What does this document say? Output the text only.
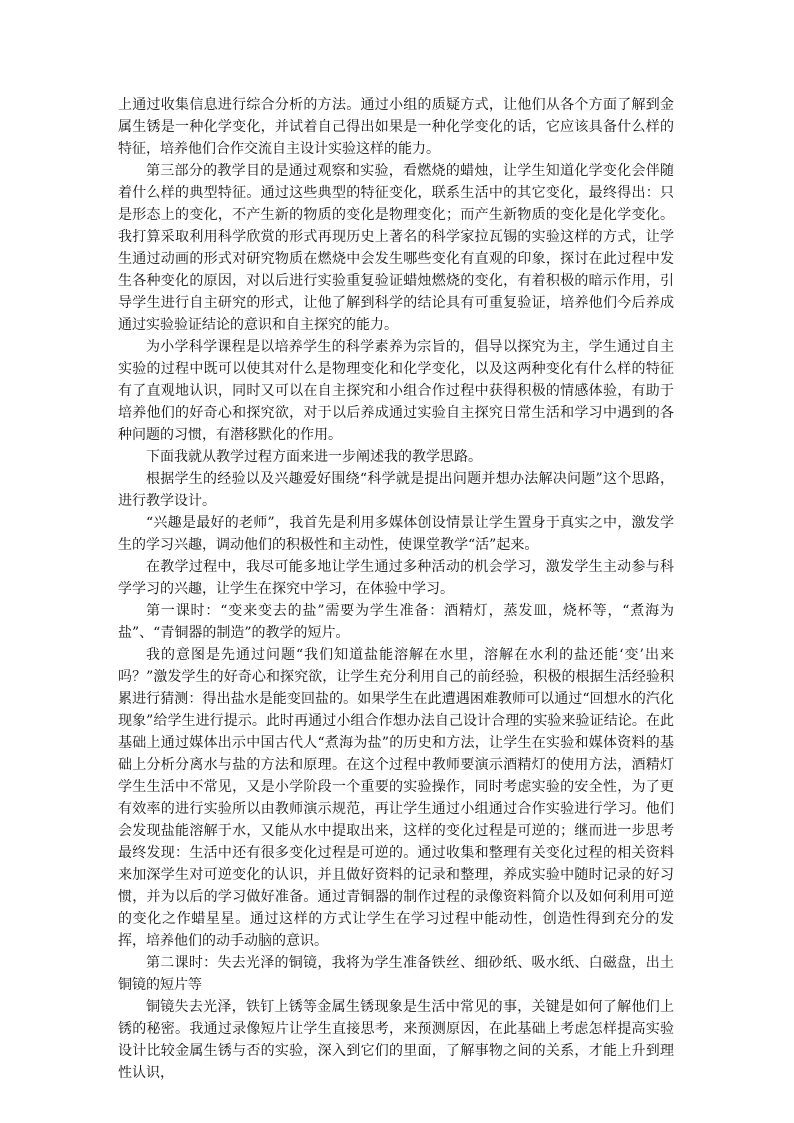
上通过收集信息进行综合分析的方法。通过小组的质疑方式，让他们从各个方面了解到金属生锈是一种化学变化，并试着自己得出如果是一种化学变化的话，它应该具备什么样的特征，培养他们合作交流自主设计实验这样的能力。

第三部分的教学目的是通过观察和实验，看燃烧的蜡烛，让学生知道化学变化会伴随着什么样的典型特征。通过这些典型的特征变化，联系生活中的其它变化，最终得出：只是形态上的变化，不产生新的物质的变化是物理变化；而产生新物质的变化是化学变化。我打算采取利用科学欣赏的形式再现历史上著名的科学家拉瓦锡的实验这样的方式，让学生通过动画的形式对研究物质在燃烧中会发生哪些变化有直观的印象，探讨在此过程中发生各种变化的原因，对以后进行实验重复验证蜡烛燃烧的变化，有着积极的暗示作用，引导学生进行自主研究的形式，让他了解到科学的结论具有可重复验证，培养他们今后养成通过实验验证结论的意识和自主探究的能力。

为小学科学课程是以培养学生的科学素养为宗旨的，倡导以探究为主，学生通过自主实验的过程中既可以使其对什么是物理变化和化学变化，以及这两种变化有什么样的特征有了直观地认识，同时又可以在自主探究和小组合作过程中获得积极的情感体验，有助于培养他们的好奇心和探究欲，对于以后养成通过实验自主探究日常生活和学习中遇到的各种问题的习惯，有潜移默化的作用。

下面我就从教学过程方面来进一步阐述我的教学思路。

根据学生的经验以及兴趣爱好围绕“科学就是提出问题并想办法解决问题”这个思路，进行教学设计。

“兴趣是最好的老师”，我首先是利用多媒体创设情景让学生置身于真实之中，激发学生的学习兴趣，调动他们的积极性和主动性，使课堂教学“活”起来。

在教学过程中，我尽可能多地让学生通过多种活动的机会学习，激发学生主动参与科学学习的兴趣，让学生在探究中学习，在体验中学习。

第一课时：“变来变去的盐”需要为学生准备：酒精灯，蒸发皿，烧杯等，“煮海为盐”、“青铜器的制造”的教学的短片。

我的意图是先通过问题“我们知道盐能溶解在水里，溶解在水利的盐还能‘变’出来吗？”激发学生的好奇心和探究欲，让学生充分利用自己的前经验，积极的根据生活经验积累进行猜测：得出盐水是能变回盐的。如果学生在此遭遇困难教师可以通过“回想水的汽化现象”给学生进行提示。此时再通过小组合作想办法自己设计合理的实验来验证结论。在此基础上通过媒体出示中国古代人“煮海为盐”的历史和方法，让学生在实验和媒体资料的基础上分析分离水与盐的方法和原理。在这个过程中教师要演示酒精灯的使用方法，酒精灯学生生活中不常见，又是小学阶段一个重要的实验操作，同时考虑实验的安全性，为了更有效率的进行实验所以由教师演示规范，再让学生通过小组通过合作实验进行学习。他们会发现盐能溶解于水，又能从水中提取出来，这样的变化过程是可逆的；继而进一步思考最终发现：生活中还有很多变化过程是可逆的。通过收集和整理有关变化过程的相关资料来加深学生对可逆变化的认识，并且做好资料的记录和整理，养成实验中随时记录的好习惯，并为以后的学习做好准备。通过青铜器的制作过程的录像资料简介以及如何利用可逆的变化之作蜡星星。通过这样的方式让学生在学习过程中能动性，创造性得到充分的发挥，培养他们的动手动脑的意识。

第二课时：失去光泽的铜镜，我将为学生准备铁丝、细砂纸、吸水纸、白磁盘，出土铜镜的短片等

铜镜失去光泽，铁钉上锈等金属生锈现象是生活中常见的事，关键是如何了解他们上锈的秘密。我通过录像短片让学生直接思考，来预测原因，在此基础上考虑怎样提高实验设计比较金属生锈与否的实验，深入到它们的里面，了解事物之间的关系，才能上升到理性认识，
